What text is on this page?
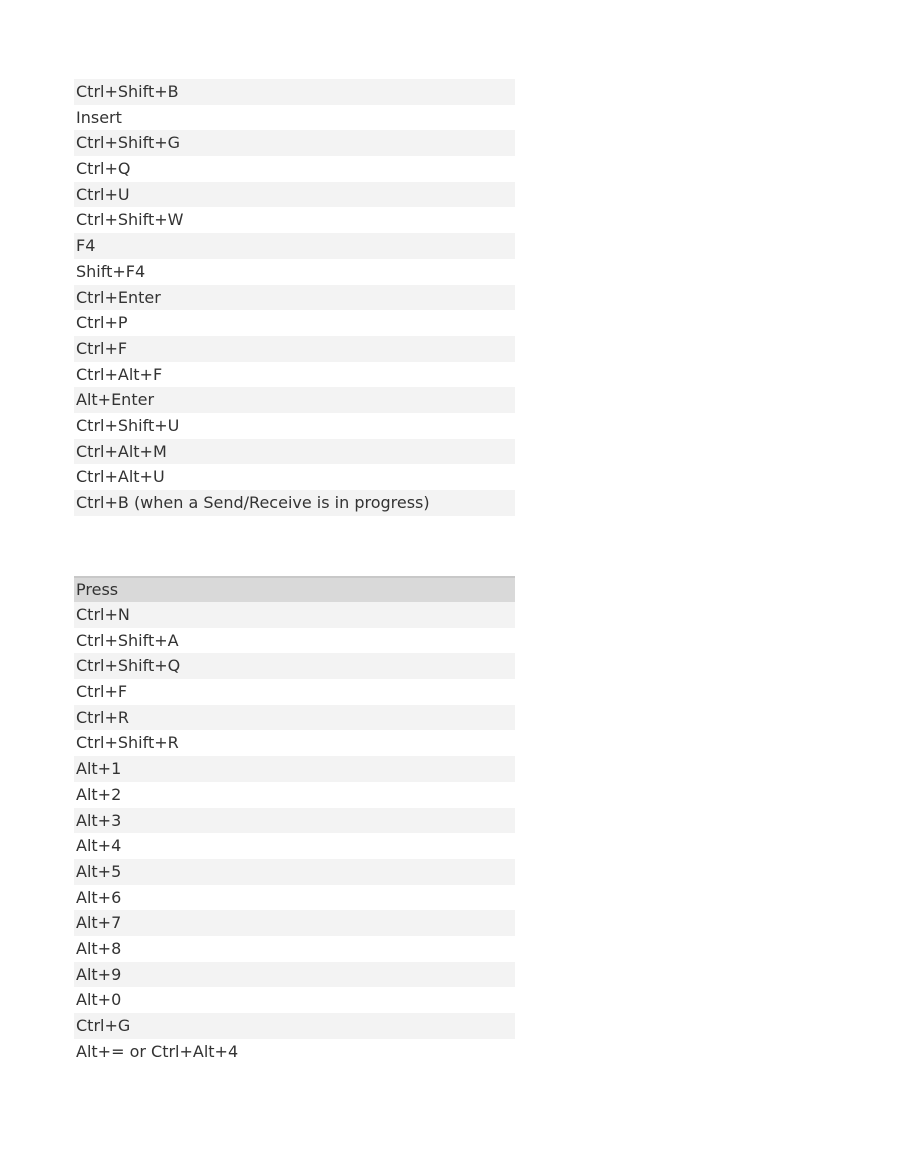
Ctrl+Shift+B
Insert
Ctrl+Shift+G
Ctrl+Q
Ctrl+U
Ctrl+Shift+W
F4
Shift+F4
Ctrl+Enter
Ctrl+P
Ctrl+F
Ctrl+Alt+F
Alt+Enter
Ctrl+Shift+U
Ctrl+Alt+M
Ctrl+Alt+U
Ctrl+B (when a Send/Receive is in progress)
Press
Ctrl+N
Ctrl+Shift+A
Ctrl+Shift+Q
Ctrl+F
Ctrl+R
Ctrl+Shift+R
Alt+1
Alt+2
Alt+3
Alt+4
Alt+5
Alt+6
Alt+7
Alt+8
Alt+9
Alt+0
Ctrl+G
Alt+= or Ctrl+Alt+4
